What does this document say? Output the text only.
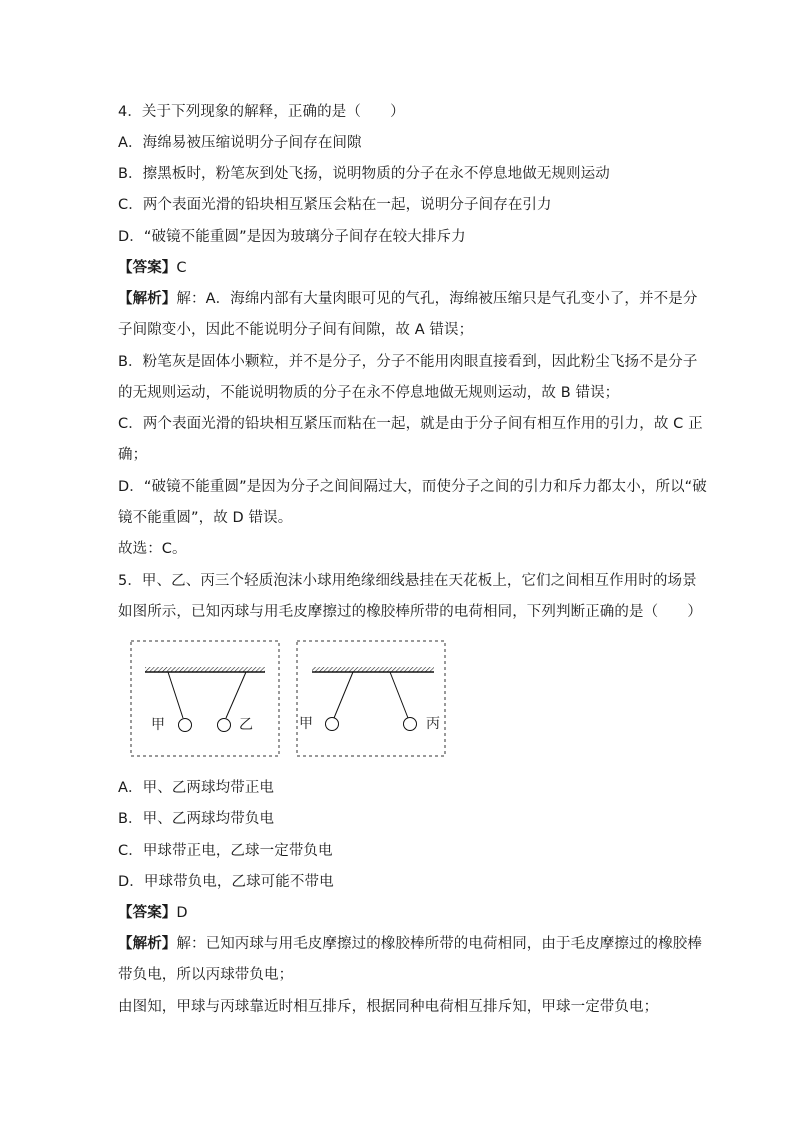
4．关于下列现象的解释，正确的是（　　）
A．海绵易被压缩说明分子间存在间隙
B．擦黑板时，粉笔灰到处飞扬，说明物质的分子在永不停息地做无规则运动
C．两个表面光滑的铅块相互紧压会粘在一起，说明分子间存在引力
D．“破镜不能重圆”是因为玻璃分子间存在较大排斥力
【答案】C
【解析】解：A．海绵内部有大量肉眼可见的气孔，海绵被压缩只是气孔变小了，并不是分
子间隙变小，因此不能说明分子间有间隙，故 A 错误；
B．粉笔灰是固体小颗粒，并不是分子，分子不能用肉眼直接看到，因此粉尘飞扬不是分子
的无规则运动，不能说明物质的分子在永不停息地做无规则运动，故 B 错误；
C．两个表面光滑的铅块相互紧压而粘在一起，就是由于分子间有相互作用的引力，故 C 正
确；
D．“破镜不能重圆”是因为分子之间间隔过大，而使分子之间的引力和斥力都太小，所以“破
镜不能重圆”，故 D 错误。
故选：C。
5．甲、乙、丙三个轻质泡沫小球用绝缘细线悬挂在天花板上，它们之间相互作用时的场景
如图所示，已知丙球与用毛皮摩擦过的橡胶棒所带的电荷相同，下列判断正确的是（　　）
甲	乙	甲	丙
A．甲、乙两球均带正电
B．甲、乙两球均带负电
C．甲球带正电，乙球一定带负电
D．甲球带负电，乙球可能不带电
【答案】D
【解析】解：已知丙球与用毛皮摩擦过的橡胶棒所带的电荷相同，由于毛皮摩擦过的橡胶棒
带负电，所以丙球带负电；
由图知，甲球与丙球靠近时相互排斥，根据同种电荷相互排斥知，甲球一定带负电；
